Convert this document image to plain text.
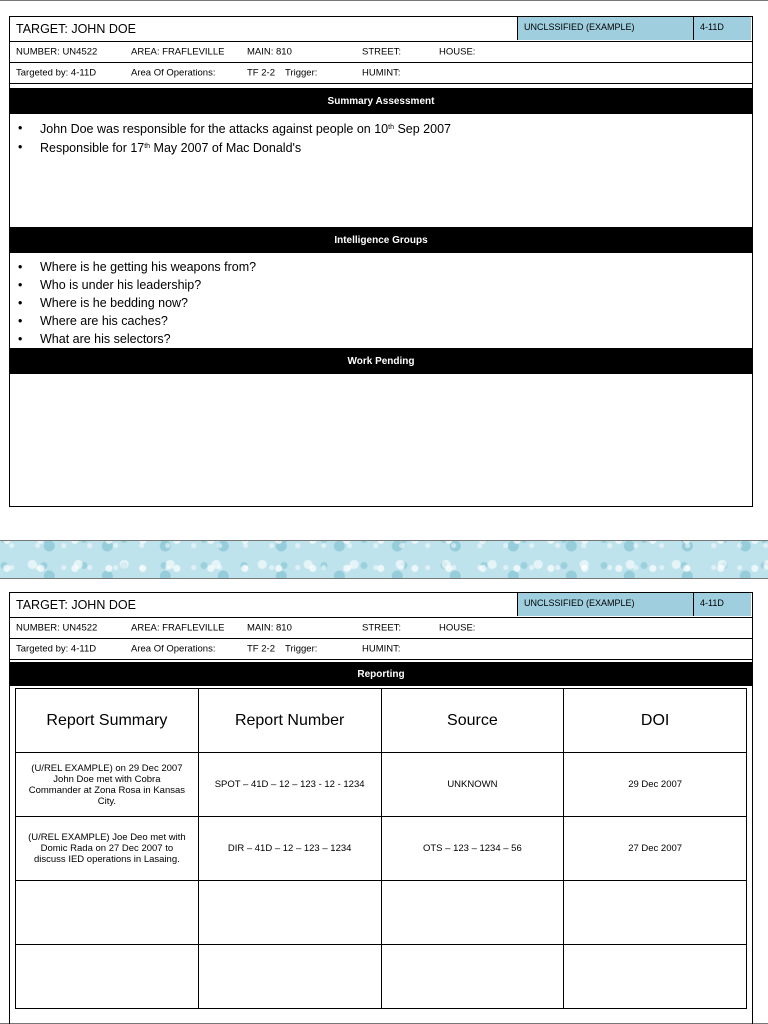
TARGET: JOHN DOE	UNCLSSIFIED (EXAMPLE)	4-11D
NUMBER: UN4522	AREA: FRAFLEVILLE MAIN: 810	STREET:	HOUSE:
Targeted by: 4-11D	Area Of Operations:	TF 2-2 Trigger:	HUMINT:
Summary Assessment
• John Doe was responsible for the attacks against people on 10th Sep 2007
• Responsible for 17th May 2007 of Mac Donald's
Intelligence Groups
• Where is he getting his weapons from?
• Who is under his leadership?
• Where is he bedding now?
• Where are his caches?
• What are his selectors?
Work Pending
TARGET: JOHN DOE	UNCLSSIFIED (EXAMPLE)	4-11D
NUMBER: UN4522	AREA: FRAFLEVILLE MAIN: 810	STREET:	HOUSE:
Targeted by: 4-11D	Area Of Operations:	TF 2-2 Trigger:	HUMINT:
Reporting
Report Summary	Report Number	Source	DOI
(U/REL EXAMPLE) on 29 Dec 2007 John Doe met with Cobra Commander at Zona Rosa in Kansas City.	SPOT – 41D – 12 – 123 - 12 - 1234	UNKNOWN	29 Dec 2007
(U/REL EXAMPLE) Joe Deo met with Domic Rada on 27 Dec 2007 to discuss IED operations in Lasaing.	DIR – 41D – 12 – 123 – 1234	OTS – 123 – 1234 – 56	27 Dec 2007
